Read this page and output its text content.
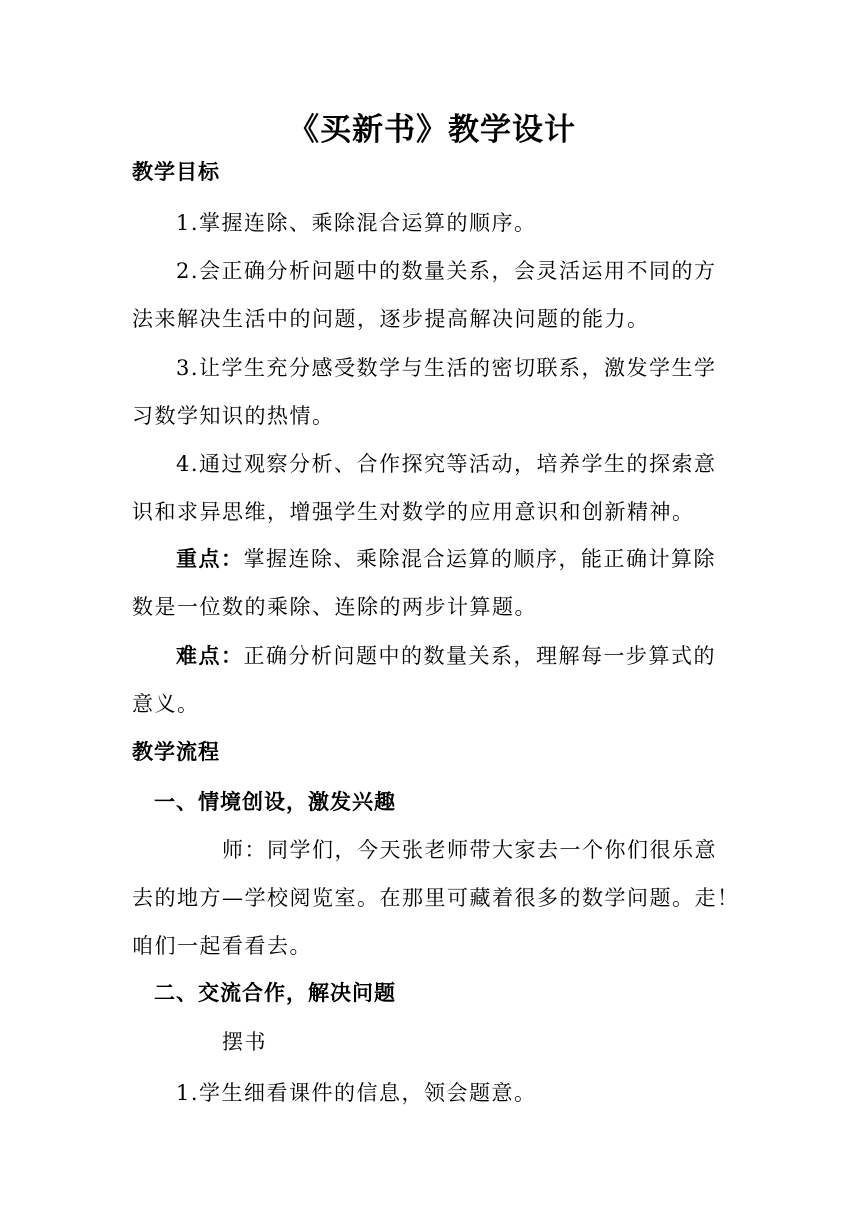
《买新书》教学设计
教学目标
1.掌握连除、乘除混合运算的顺序。
2.会正确分析问题中的数量关系，会灵活运用不同的方
法来解决生活中的问题，逐步提高解决问题的能力。
3.让学生充分感受数学与生活的密切联系，激发学生学
习数学知识的热情。
4.通过观察分析、合作探究等活动，培养学生的探索意
识和求异思维，增强学生对数学的应用意识和创新精神。
重点：掌握连除、乘除混合运算的顺序，能正确计算除
数是一位数的乘除、连除的两步计算题。
难点：正确分析问题中的数量关系，理解每一步算式的
意义。
教学流程
一、情境创设，激发兴趣
师：同学们，今天张老师带大家去一个你们很乐意
去的地方—学校阅览室。在那里可藏着很多的数学问题。走！
咱们一起看看去。
二、交流合作，解决问题
摆书
1.学生细看课件的信息，领会题意。
